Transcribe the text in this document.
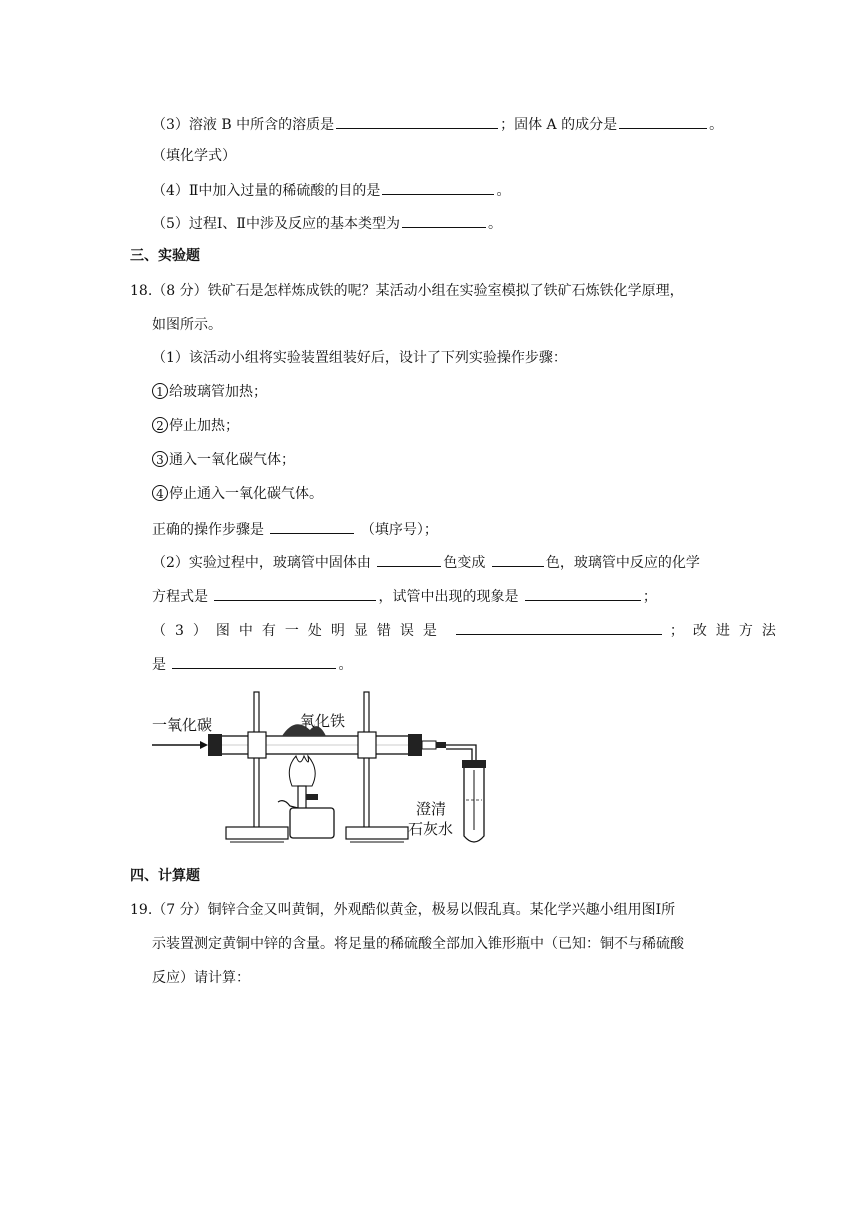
（3）溶液 B 中所含的溶质是	；固体 A 的成分是	。
（填化学式）
（4）Ⅱ中加入过量的稀硫酸的目的是	。
（5）过程Ⅰ、Ⅱ中涉及反应的基本类型为	。
三、实验题
18.（8 分）铁矿石是怎样炼成铁的呢？某活动小组在实验室模拟了铁矿石炼铁化学原理，
如图所示。
（1）该活动小组将实验装置组装好后，设计了下列实验操作步骤：
1 给玻璃管加热；
2 停止加热；
3 通入一氧化碳气体；
4 停止通入一氧化碳气体。
正确的操作步骤是	（填序号）；
（2）实验过程中，玻璃管中固体由	色变成	色，玻璃管中反应的化学
方程式是	，试管中出现的现象是	；
（3）图中有一处明显错误是	；改进方法
是	。
一氧化碳	氧化铁
澄清
石灰水
四、计算题
19.（7 分）铜锌合金又叫黄铜，外观酷似黄金，极易以假乱真。某化学兴趣小组用图Ⅰ所
示装置测定黄铜中锌的含量。将足量的稀硫酸全部加入锥形瓶中（已知：铜不与稀硫酸
反应）请计算：
